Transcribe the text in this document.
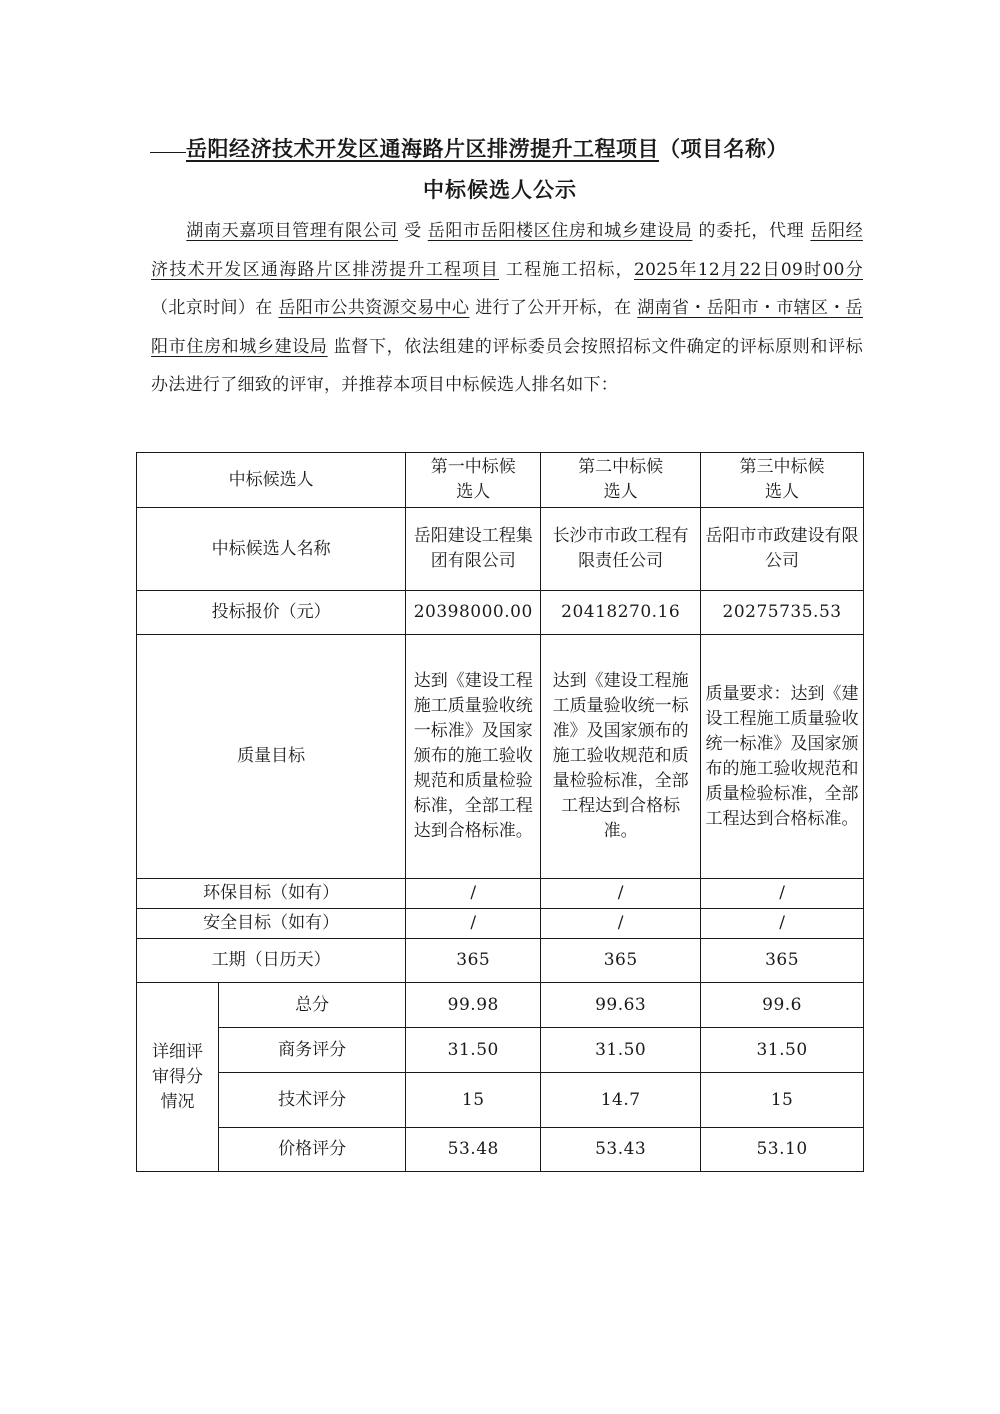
岳阳经济技术开发区通海路片区排涝提升工程项目（项目名称）
中标候选人公示
　　湖南天嘉项目管理有限公司 受 岳阳市岳阳楼区住房和城乡建设局 的委托，代理 岳阳经济技术开发区通海路片区排涝提升工程项目 工程施工招标，2025年12月22日09时00分 （北京时间）在 岳阳市公共资源交易中心 进行了公开开标，在 湖南省・岳阳市・市辖区・岳阳市住房和城乡建设局 监督下，依法组建的评标委员会按照招标文件确定的评标原则和评标办法进行了细致的评审，并推荐本项目中标候选人排名如下：
中标候选人		第一中标候选人	第二中标候选人	第三中标候选人

中标候选人名称		岳阳建设工程集团有限公司	长沙市市政工程有限责任公司	岳阳市市政建设有限公司
投标报价（元）		20398000.00	20418270.16	20275735.53
质量目标		达到《建设工程施工质量验收统一标准》及国家颁布的施工验收规范和质量检验标准，全部工程达到合格标准。	达到《建设工程施工质量验收统一标准》及国家颁布的施工验收规范和质量检验标准，全部工程达到合格标准。	质量要求：达到《建设工程施工质量验收统一标准》及国家颁布的施工验收规范和质量检验标准，全部工程达到合格标准。
环保目标（如有）		/	/	/
安全目标（如有）		/	/	/
工期（日历天）		365	365	365

详细评审得分情况	总分	99.98	99.63	99.6
	商务评分	31.50	31.50	31.50
	技术评分	15	14.7	15
	价格评分	53.48	53.43	53.10
